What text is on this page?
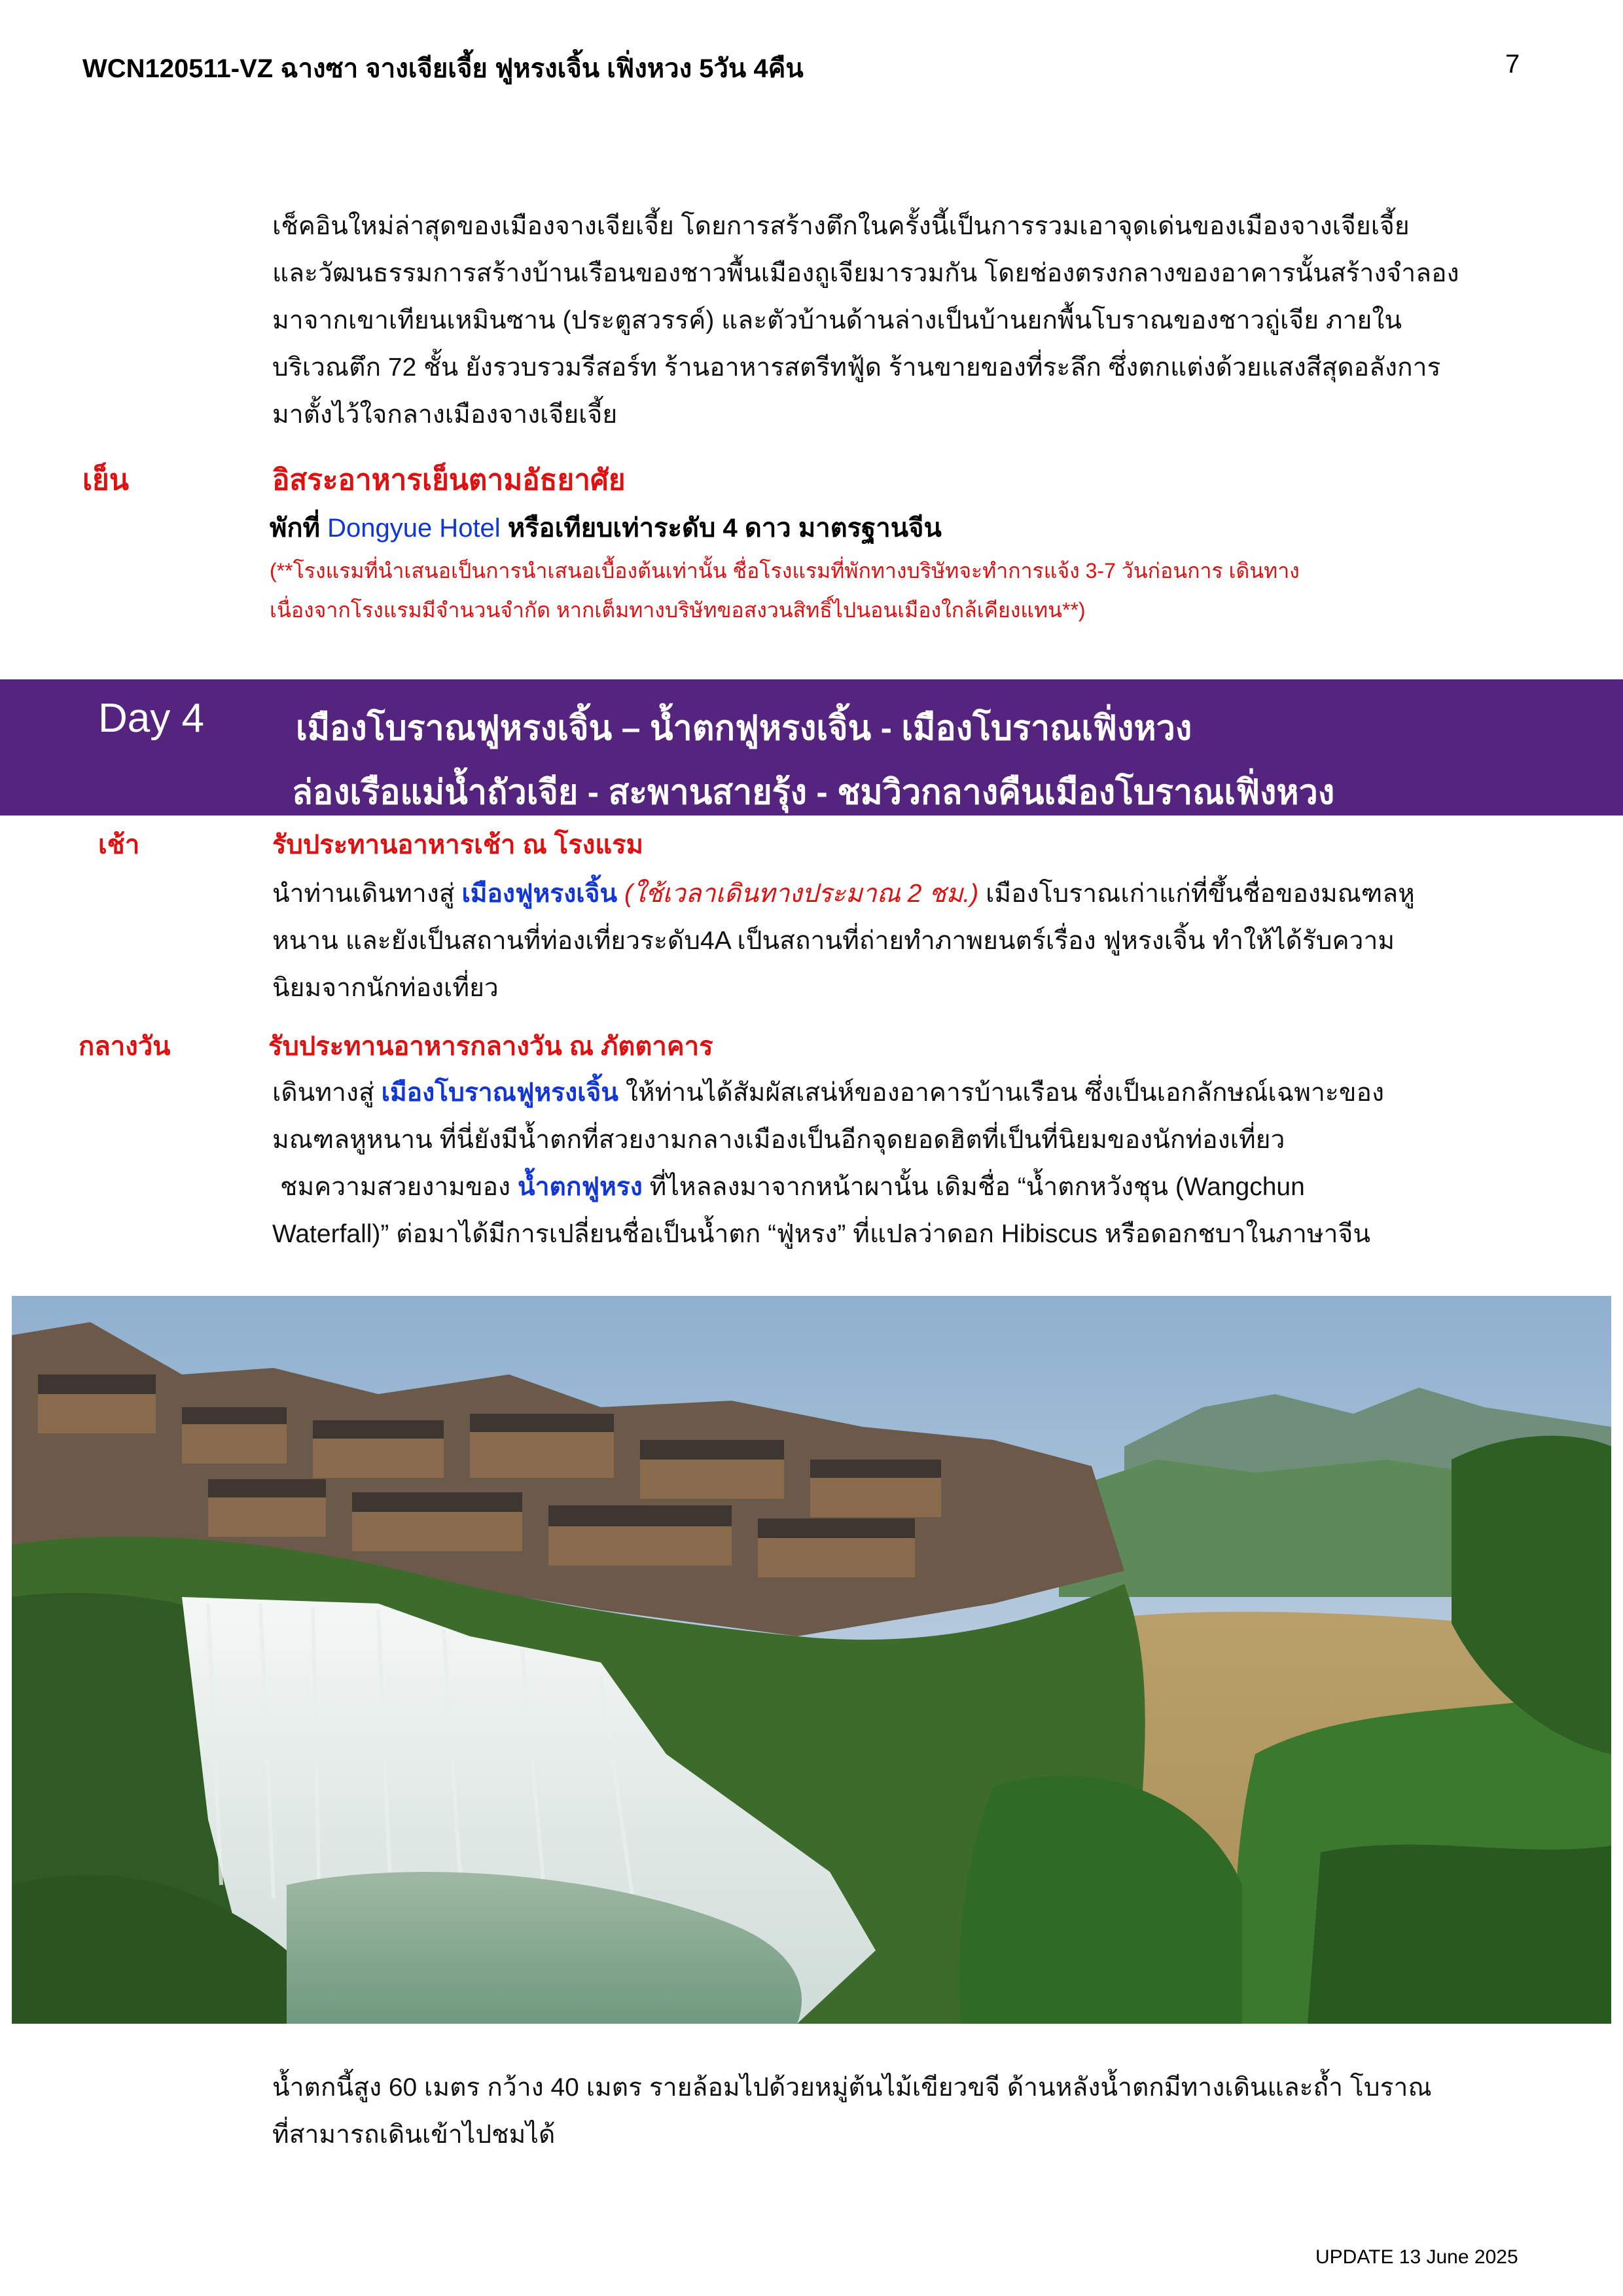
WCN120511-VZ ฉางซา จางเจียเจี้ย ฟูหรงเจิ้น เฟิ่งหวง 5วัน 4คืน	7
เช็คอินใหม่ล่าสุดของเมืองจางเจียเจี้ย โดยการสร้างตึกในครั้งนี้เป็นการรวมเอาจุดเด่นของเมืองจางเจียเจี้ย
และวัฒนธรรมการสร้างบ้านเรือนของชาวพื้นเมืองถูเจียมารวมกัน โดยช่องตรงกลางของอาคารนั้นสร้างจำลอง
มาจากเขาเทียนเหมินซาน (ประตูสวรรค์) และตัวบ้านด้านล่างเป็นบ้านยกพื้นโบราณของชาวถู่เจีย ภายใน
บริเวณตึก 72 ชั้น ยังรวบรวมรีสอร์ท ร้านอาหารสตรีทฟู้ด ร้านขายของที่ระลึก ซึ่งตกแต่งด้วยแสงสีสุดอลังการ
มาตั้งไว้ใจกลางเมืองจางเจียเจี้ย
เย็น	อิสระอาหารเย็นตามอัธยาศัย
พักที่ Dongyue Hotel หรือเทียบเท่าระดับ 4 ดาว มาตรฐานจีน
(**โรงแรมที่นำเสนอเป็นการนำเสนอเบื้องต้นเท่านั้น ชื่อโรงแรมที่พักทางบริษัทจะทำการแจ้ง 3-7 วันก่อนการ เดินทาง
เนื่องจากโรงแรมมีจำนวนจำกัด หากเต็มทางบริษัทขอสงวนสิทธิ์ไปนอนเมืองใกล้เคียงแทน**)
Day 4	เมืองโบราณฟูหรงเจิ้น – น้ำตกฟูหรงเจิ้น - เมืองโบราณเฟิ่งหวง
ล่องเรือแม่น้ำถัวเจีย - สะพานสายรุ้ง - ชมวิวกลางคืนเมืองโบราณเฟิ่งหวง
เช้า	รับประทานอาหารเช้า ณ โรงแรม
นำท่านเดินทางสู่ เมืองฟูหรงเจิ้น (ใช้เวลาเดินทางประมาณ 2 ชม.) เมืองโบราณเก่าแก่ที่ขึ้นชื่อของมณฑลหู
หนาน และยังเป็นสถานที่ท่องเที่ยวระดับ4A เป็นสถานที่ถ่ายทำภาพยนตร์เรื่อง ฟูหรงเจิ้น ทำให้ได้รับความ
นิยมจากนักท่องเที่ยว
กลางวัน	รับประทานอาหารกลางวัน ณ ภัตตาคาร
เดินทางสู่ เมืองโบราณฟูหรงเจิ้น ให้ท่านได้สัมผัสเสน่ห์ของอาคารบ้านเรือน ซึ่งเป็นเอกลักษณ์เฉพาะของ
มณฑลหูหนาน ที่นี่ยังมีน้ำตกที่สวยงามกลางเมืองเป็นอีกจุดยอดฮิตที่เป็นที่นิยมของนักท่องเที่ยว
ชมความสวยงามของ น้ำตกฟูหรง ที่ไหลลงมาจากหน้าผานั้น เดิมชื่อ “น้ำตกหวังชุน (Wangchun
Waterfall)” ต่อมาได้มีการเปลี่ยนชื่อเป็นน้ำตก “ฟู่หรง” ที่แปลว่าดอก Hibiscus หรือดอกชบาในภาษาจีน
น้ำตกนี้สูง 60 เมตร กว้าง 40 เมตร รายล้อมไปด้วยหมู่ต้นไม้เขียวขจี ด้านหลังน้ำตกมีทางเดินและถ้ำ โบราณ
ที่สามารถเดินเข้าไปชมได้
UPDATE 13 June 2025
